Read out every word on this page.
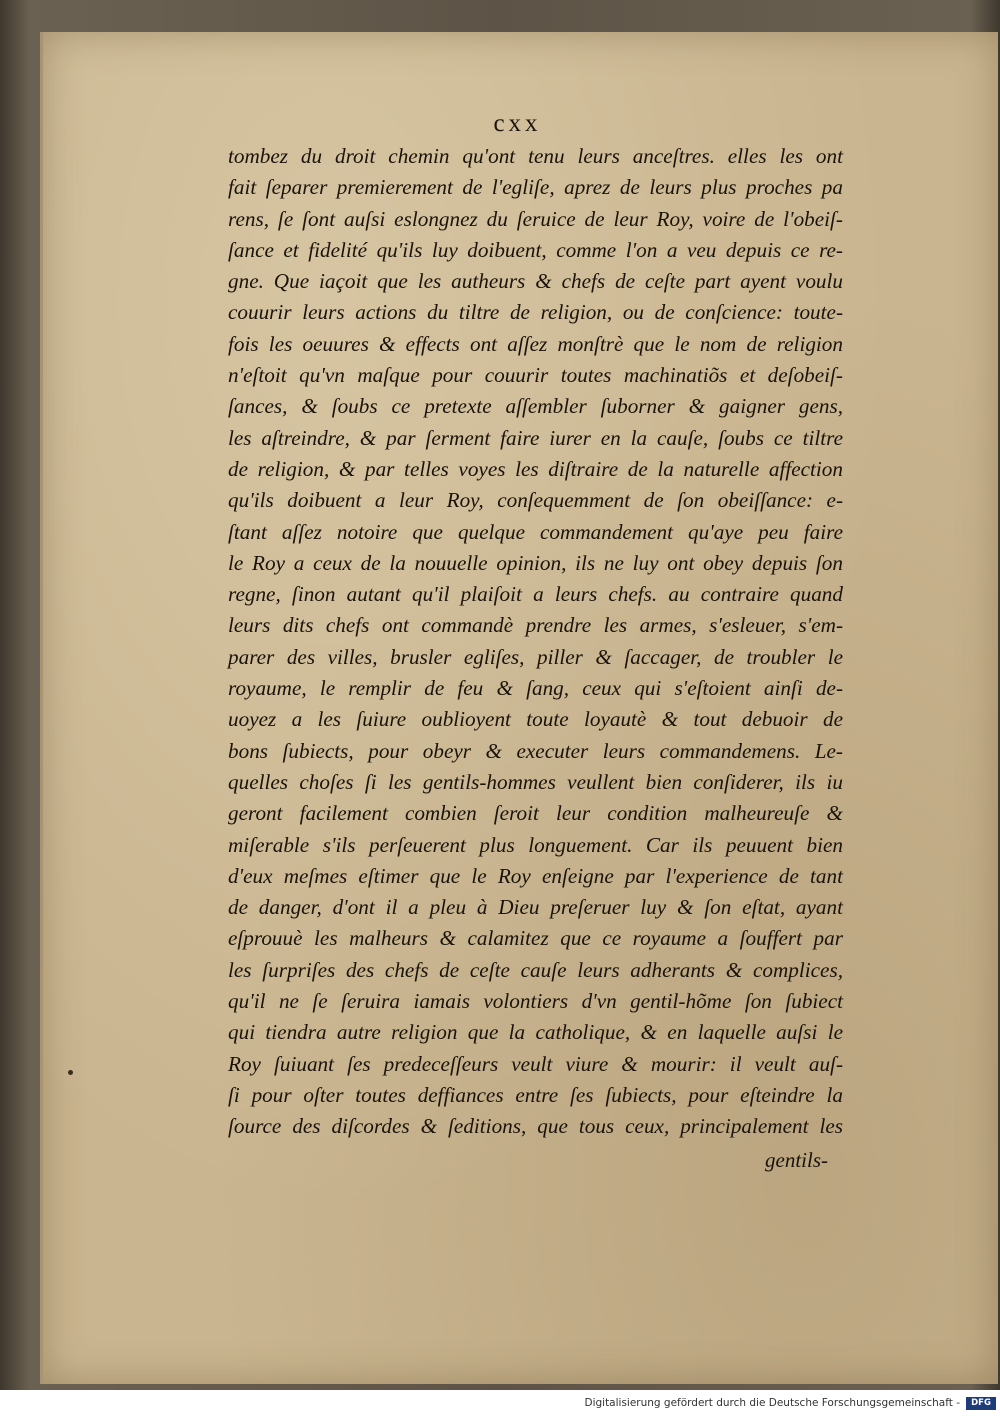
cxx
tombez du droit chemin qu'ont tenu leurs anceſtres. elles les ont
fait ſeparer premierement de l'egliſe, aprez de leurs plus proches pa
rens, ſe ſont auſsi eslongnez du ſeruice de leur Roy, voire de l'obeiſ-
ſance et fidelité qu'ils luy doibuent, comme l'on a veu depuis ce re-
gne. Que iaçoit que les autheurs & chefs de ceſte part ayent voulu
couurir leurs actions du tiltre de religion, ou de conſcience: toute-
fois les oeuures & effects ont aſſez monſtrè que le nom de religion
n'eſtoit qu'vn maſque pour couurir toutes machinatiõs et deſobeiſ-
ſances, & ſoubs ce pretexte aſſembler ſuborner & gaigner gens,
les aſtreindre, & par ſerment faire iurer en la cauſe, ſoubs ce tiltre
de religion, & par telles voyes les diſtraire de la naturelle affection
qu'ils doibuent a leur Roy, conſequemment de ſon obeiſſance: e-
ſtant aſſez notoire que quelque commandement qu'aye peu faire
le Roy a ceux de la nouuelle opinion, ils ne luy ont obey depuis ſon
regne, ſinon autant qu'il plaiſoit a leurs chefs. au contraire quand
leurs dits chefs ont commandè prendre les armes, s'esleuer, s'em-
parer des villes, brusler egliſes, piller & ſaccager, de troubler le
royaume, le remplir de feu & ſang, ceux qui s'eſtoient ainſi de-
uoyez a les ſuiure oublioyent toute loyautè & tout debuoir de
bons ſubiects, pour obeyr & executer leurs commandemens. Le-
quelles choſes ſi les gentils-hommes veullent bien conſiderer, ils iu
geront facilement combien ſeroit leur condition malheureuſe &
miſerable s'ils perſeuerent plus longuement. Car ils peuuent bien
d'eux meſmes eſtimer que le Roy enſeigne par l'experience de tant
de danger, d'ont il a pleu à Dieu preſeruer luy & ſon eſtat, ayant
eſprouuè les malheurs & calamitez que ce royaume a ſouffert par
les ſurpriſes des chefs de ceſte cauſe leurs adherants & complices,
qu'il ne ſe ſeruira iamais volontiers d'vn gentil-hõme ſon ſubiect
qui tiendra autre religion que la catholique, & en laquelle auſsi le
Roy ſuiuant ſes predeceſſeurs veult viure & mourir: il veult auſ-
ſi pour oſter toutes deffiances entre ſes ſubiects, pour eſteindre la
ſource des diſcordes & ſeditions, que tous ceux, principalement les
gentils-
Digitalisierung gefördert durch die Deutsche Forschungsgemeinschaft -	DFG
